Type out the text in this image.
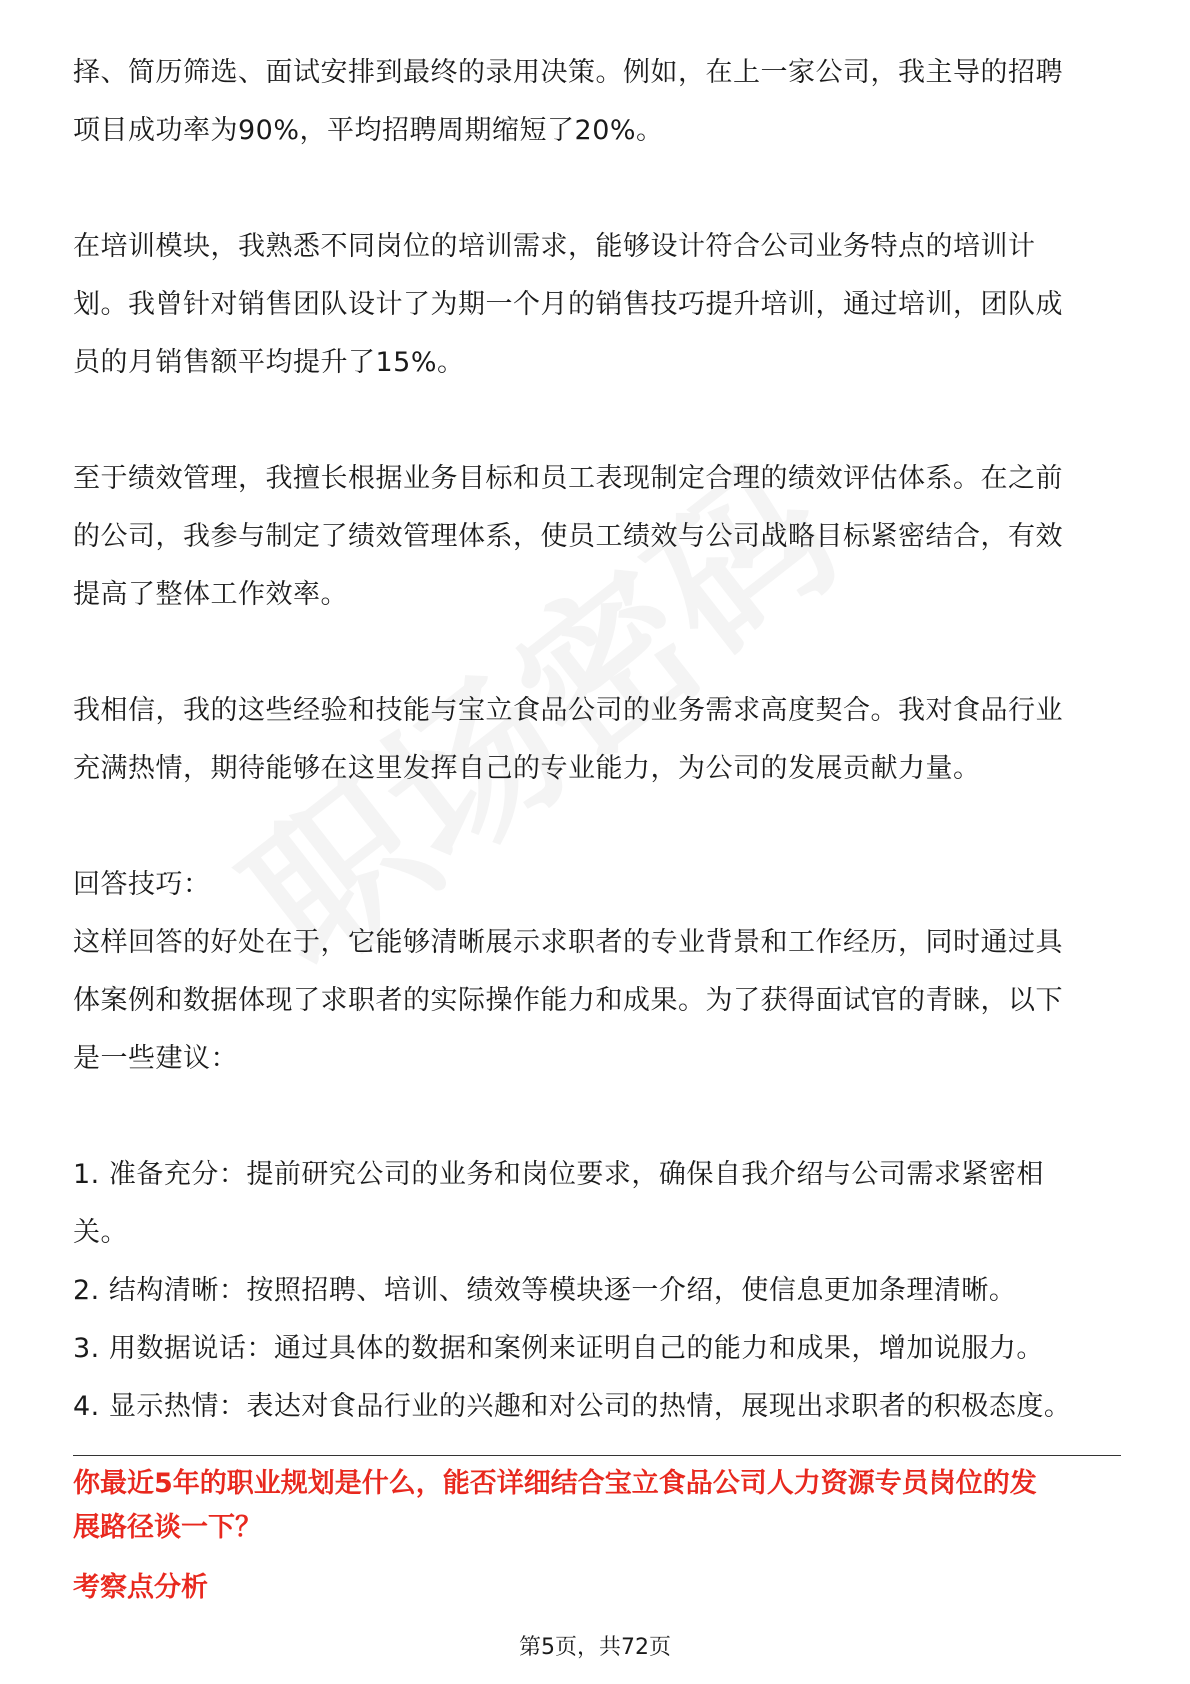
择、简历筛选、面试安排到最终的录用决策。例如，在上一家公司，我主导的招聘

项目成功率为90%，平均招聘周期缩短了20%。

在培训模块，我熟悉不同岗位的培训需求，能够设计符合公司业务特点的培训计

划。我曾针对销售团队设计了为期一个月的销售技巧提升培训，通过培训，团队成

员的月销售额平均提升了15%。

至于绩效管理，我擅长根据业务目标和员工表现制定合理的绩效评估体系。在之前

的公司，我参与制定了绩效管理体系，使员工绩效与公司战略目标紧密结合，有效

提高了整体工作效率。

我相信，我的这些经验和技能与宝立食品公司的业务需求高度契合。我对食品行业

充满热情，期待能够在这里发挥自己的专业能力，为公司的发展贡献力量。

回答技巧：

这样回答的好处在于，它能够清晰展示求职者的专业背景和工作经历，同时通过具

体案例和数据体现了求职者的实际操作能力和成果。为了获得面试官的青睐，以下

是一些建议：

1. 准备充分：提前研究公司的业务和岗位要求，确保自我介绍与公司需求紧密相

关。

2. 结构清晰：按照招聘、培训、绩效等模块逐一介绍，使信息更加条理清晰。

3. 用数据说话：通过具体的数据和案例来证明自己的能力和成果，增加说服力。

4. 显示热情：表达对食品行业的兴趣和对公司的热情，展现出求职者的积极态度。

你最近5年的职业规划是什么，能否详细结合宝立食品公司人力资源专员岗位的发
展路径谈一下？
考察点分析
第5页，共72页
